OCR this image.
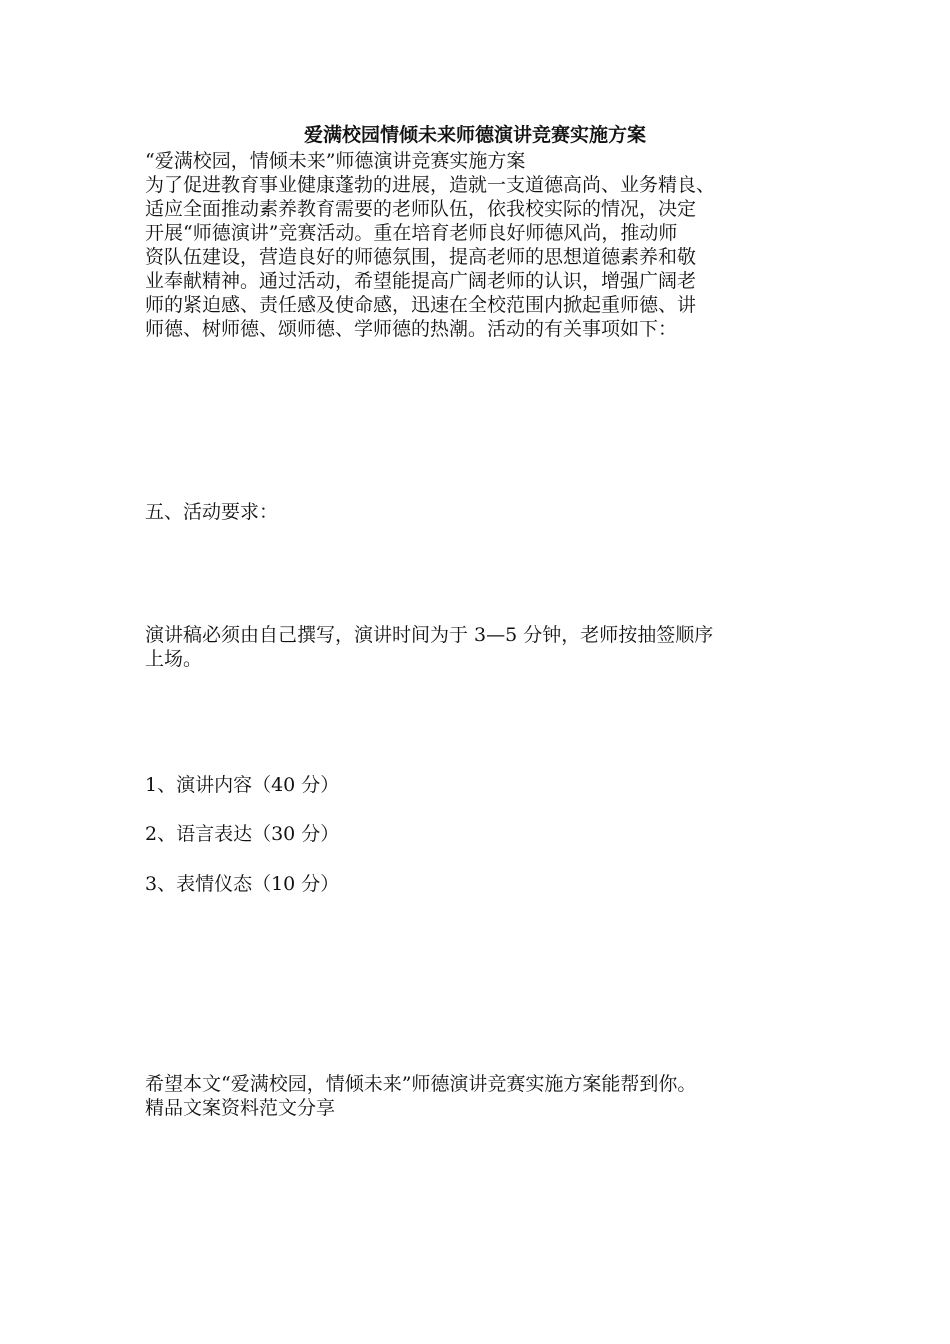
爱满校园情倾未来师德演讲竞赛实施方案
“爱满校园，情倾未来”师德演讲竞赛实施方案
为了促进教育事业健康蓬勃的进展，造就一支道德高尚、业务精良、
适应全面推动素养教育需要的老师队伍，依我校实际的情况，决定
开展“师德演讲”竞赛活动。重在培育老师良好师德风尚，推动师
资队伍建设，营造良好的师德氛围，提高老师的思想道德素养和敬
业奉献精神。通过活动，希望能提高广阔老师的认识，增强广阔老
师的紧迫感、责任感及使命感，迅速在全校范围内掀起重师德、讲
师德、树师德、颂师德、学师德的热潮。活动的有关事项如下：
五、活动要求：
演讲稿必须由自己撰写，演讲时间为于 3—5 分钟，老师按抽签顺序
上场。
1、演讲内容（40 分）
2、语言表达（30 分）
3、表情仪态（10 分）
希望本文“爱满校园，情倾未来”师德演讲竞赛实施方案能帮到你。
精品文案资料范文分享
